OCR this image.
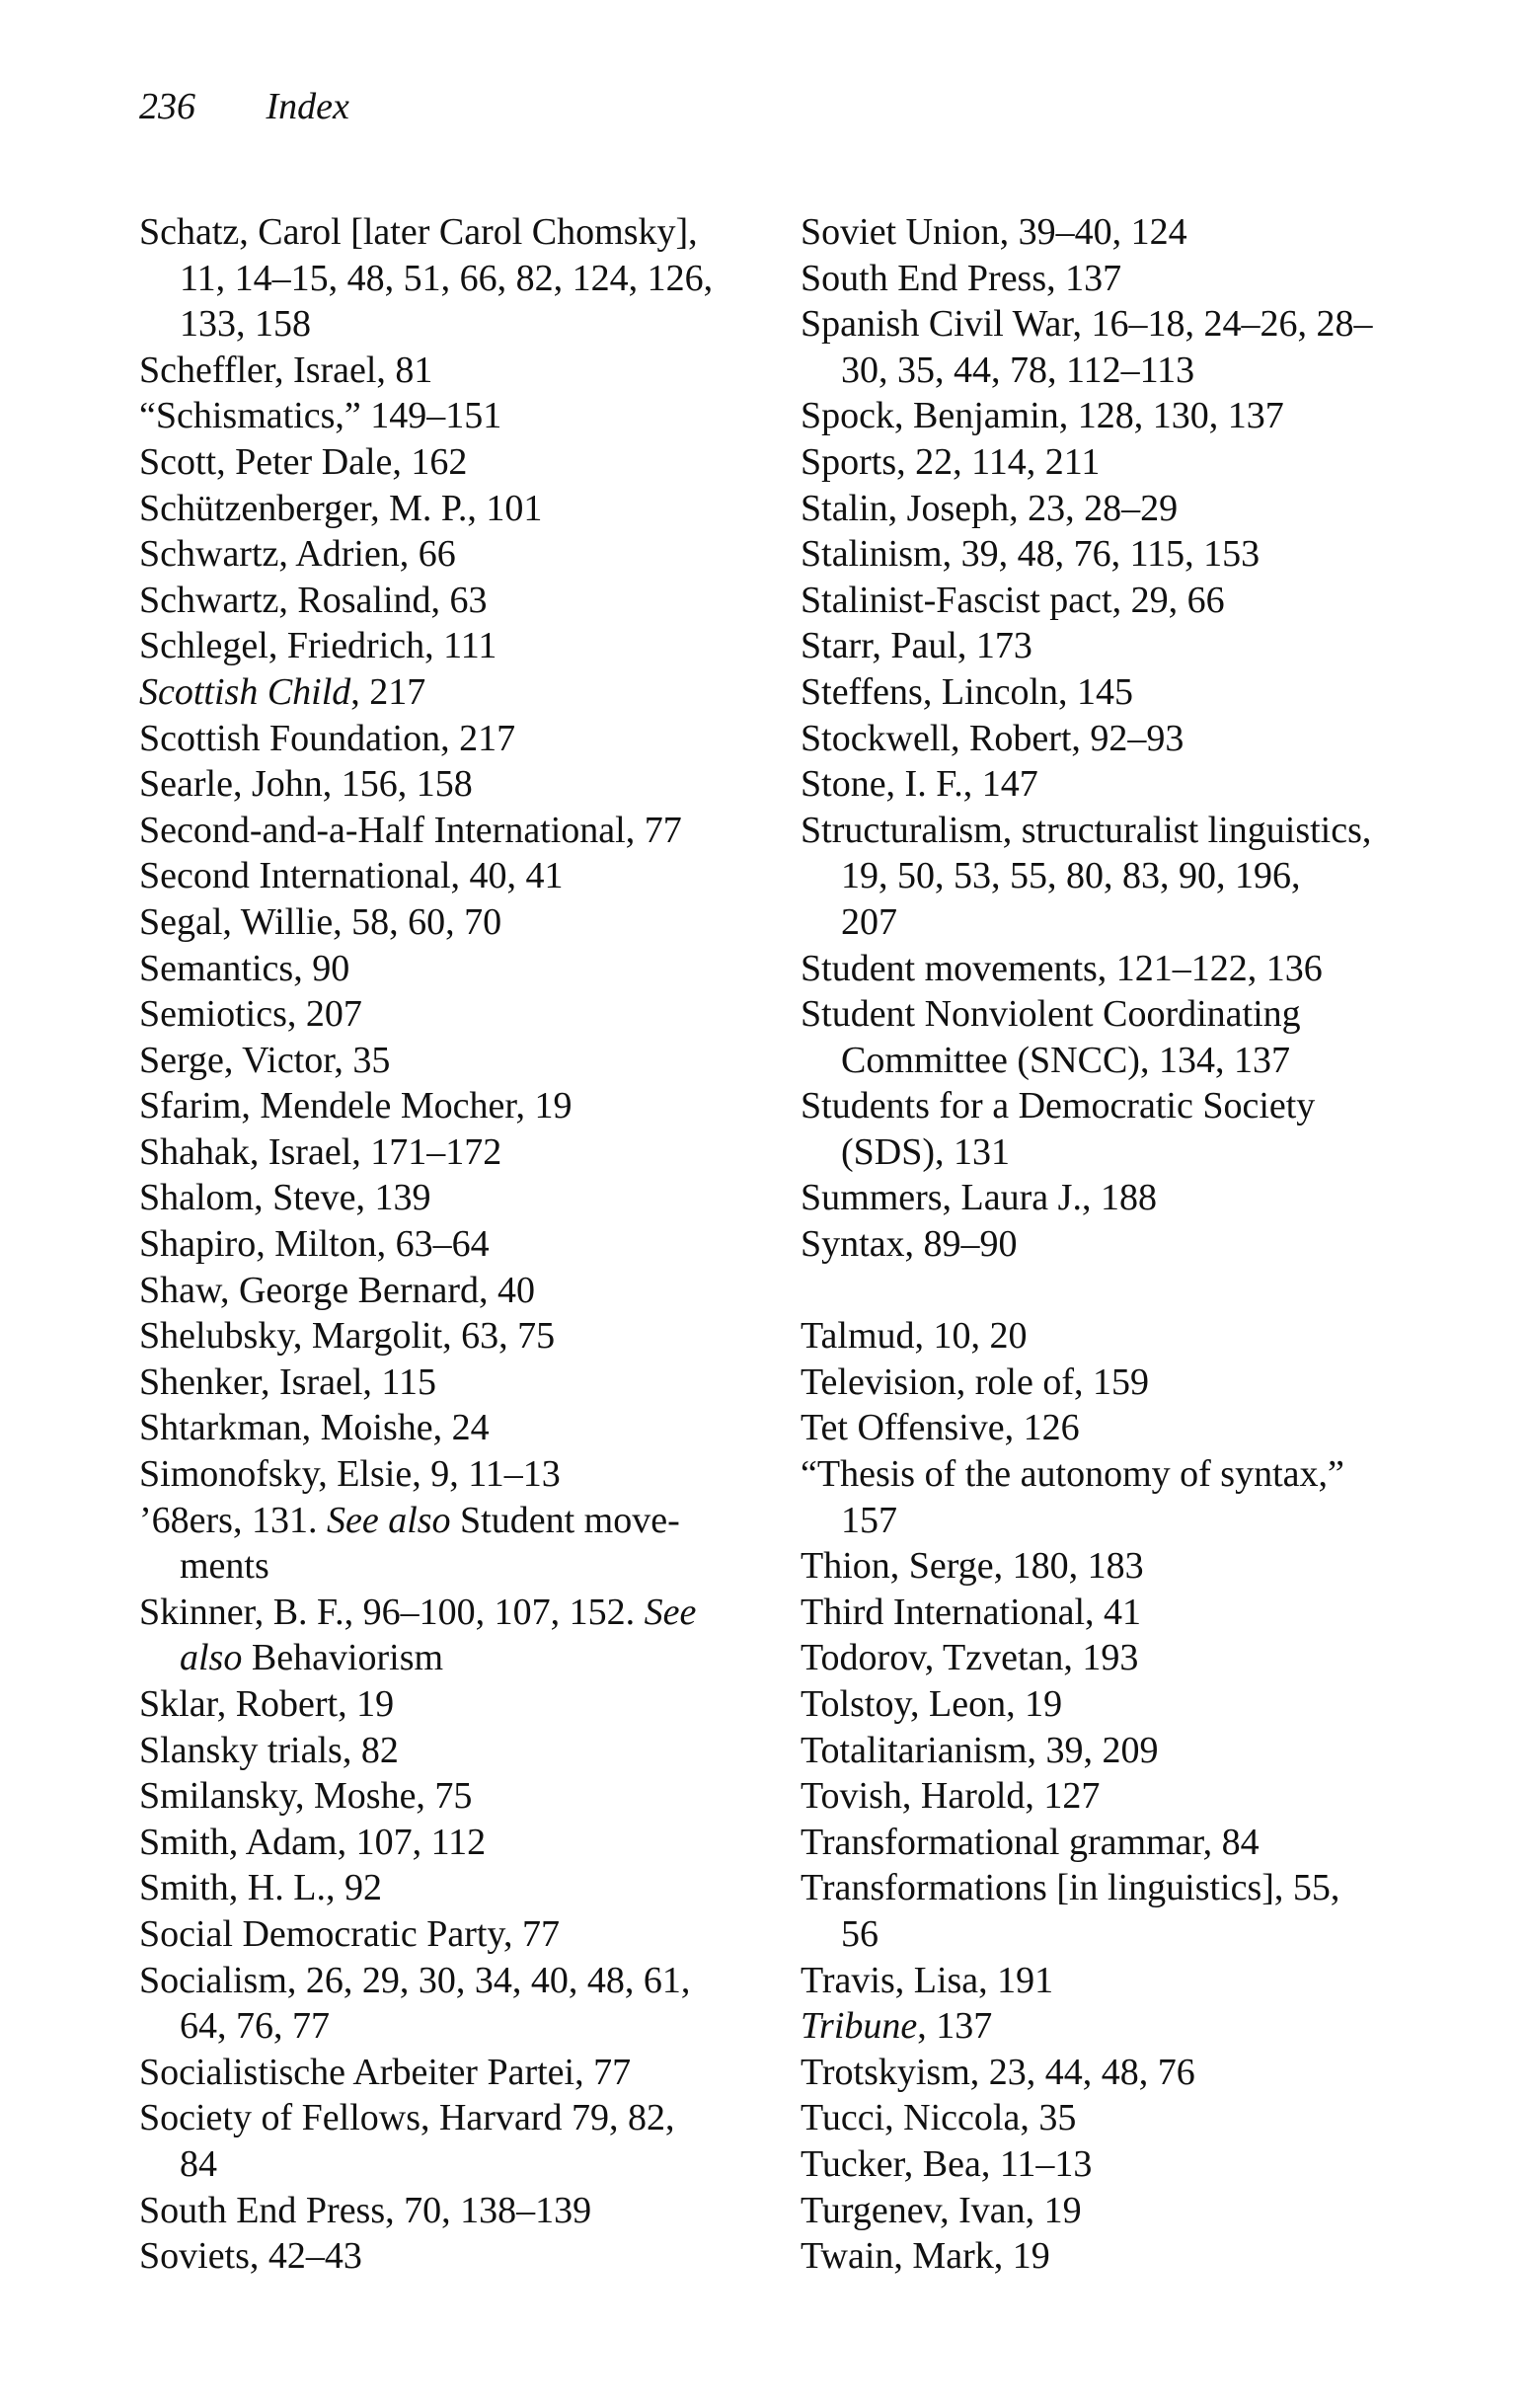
236 Index
Schatz, Carol [later Carol Chomsky],
11, 14–15, 48, 51, 66, 82, 124, 126,
133, 158
Scheffler, Israel, 81
“Schismatics,” 149–151
Scott, Peter Dale, 162
Schützenberger, M. P., 101
Schwartz, Adrien, 66
Schwartz, Rosalind, 63
Schlegel, Friedrich, 111
Scottish Child, 217
Scottish Foundation, 217
Searle, John, 156, 158
Second-and-a-Half International, 77
Second International, 40, 41
Segal, Willie, 58, 60, 70
Semantics, 90
Semiotics, 207
Serge, Victor, 35
Sfarim, Mendele Mocher, 19
Shahak, Israel, 171–172
Shalom, Steve, 139
Shapiro, Milton, 63–64
Shaw, George Bernard, 40
Shelubsky, Margolit, 63, 75
Shenker, Israel, 115
Shtarkman, Moishe, 24
Simonofsky, Elsie, 9, 11–13
’68ers, 131. See also Student move-
ments
Skinner, B. F., 96–100, 107, 152. See
also Behaviorism
Sklar, Robert, 19
Slansky trials, 82
Smilansky, Moshe, 75
Smith, Adam, 107, 112
Smith, H. L., 92
Social Democratic Party, 77
Socialism, 26, 29, 30, 34, 40, 48, 61,
64, 76, 77
Socialistische Arbeiter Partei, 77
Society of Fellows, Harvard 79, 82,
84
South End Press, 70, 138–139
Soviets, 42–43
Soviet Union, 39–40, 124
South End Press, 137
Spanish Civil War, 16–18, 24–26, 28–
30, 35, 44, 78, 112–113
Spock, Benjamin, 128, 130, 137
Sports, 22, 114, 211
Stalin, Joseph, 23, 28–29
Stalinism, 39, 48, 76, 115, 153
Stalinist-Fascist pact, 29, 66
Starr, Paul, 173
Steffens, Lincoln, 145
Stockwell, Robert, 92–93
Stone, I. F., 147
Structuralism, structuralist linguistics,
19, 50, 53, 55, 80, 83, 90, 196,
207
Student movements, 121–122, 136
Student Nonviolent Coordinating
Committee (SNCC), 134, 137
Students for a Democratic Society
(SDS), 131
Summers, Laura J., 188
Syntax, 89–90
Talmud, 10, 20
Television, role of, 159
Tet Offensive, 126
“Thesis of the autonomy of syntax,”
157
Thion, Serge, 180, 183
Third International, 41
Todorov, Tzvetan, 193
Tolstoy, Leon, 19
Totalitarianism, 39, 209
Tovish, Harold, 127
Transformational grammar, 84
Transformations [in linguistics], 55,
56
Travis, Lisa, 191
Tribune, 137
Trotskyism, 23, 44, 48, 76
Tucci, Niccola, 35
Tucker, Bea, 11–13
Turgenev, Ivan, 19
Twain, Mark, 19
